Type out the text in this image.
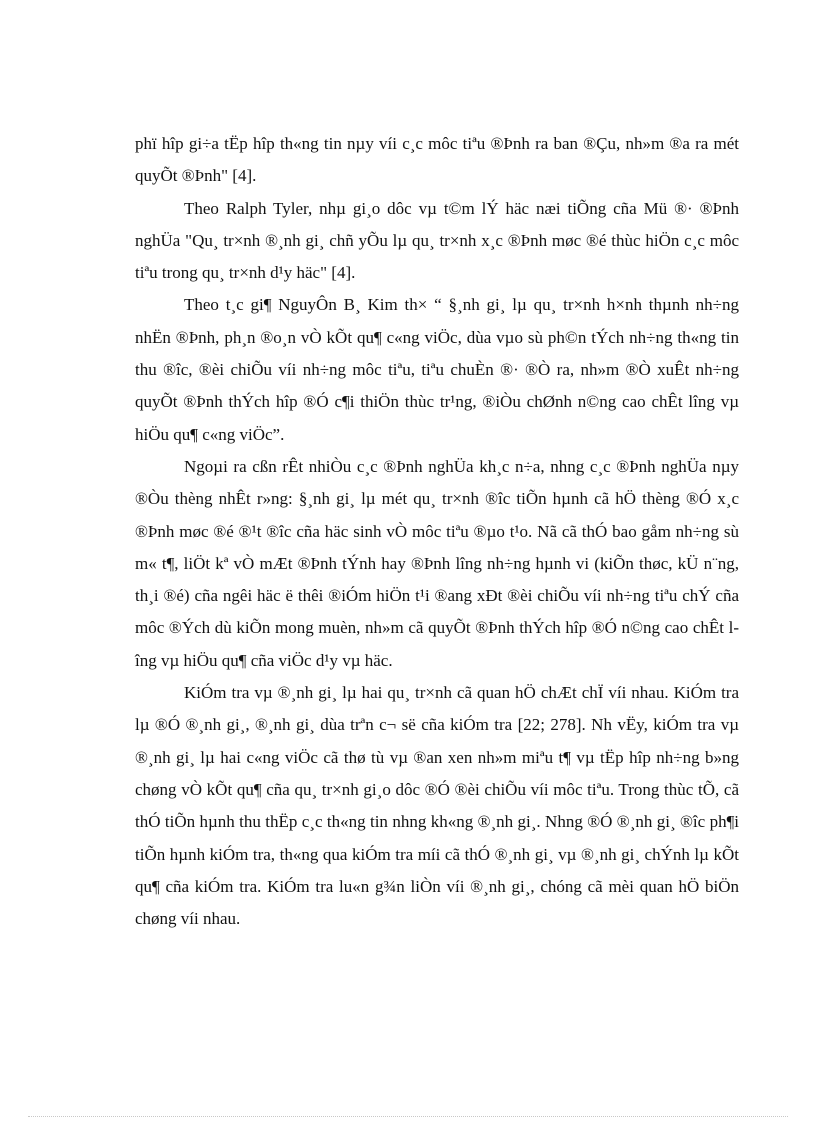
phï hîp gi÷a tËp hîp th«ng tin nµy víi c¸c môc tiªu ®Þnh ra ban ®Çu, nh»m ®a ra mét quyÕt ®Þnh" [4].

Theo Ralph Tyler, nhµ gi¸o dôc vµ t©m lÝ häc næi tiÕng cña Mü ®· ®Þnh nghÜa "Qu¸ tr×nh ®¸nh gi¸ chñ yÕu lµ qu¸ tr×nh x¸c ®Þnh møc ®é thùc hiÖn c¸c môc tiªu trong qu¸ tr×nh d¹y häc" [4].

Theo t¸c gi¶ NguyÔn B¸ Kim th× “ §¸nh gi¸ lµ qu¸ tr×nh h×nh thµnh nh÷ng nhËn ®Þnh, ph¸n ®o¸n vÒ kÕt qu¶ c«ng viÖc, dùa vµo sù ph©n tÝch nh÷ng th«ng tin thu ®îc, ®èi chiÕu víi nh÷ng môc tiªu, tiªu chuÈn ®· ®Ò ra, nh»m ®Ò xuÊt nh÷ng quyÕt ®Þnh thÝch hîp ®Ó c¶i thiÖn thùc tr¹ng, ®iÒu chØnh n©ng cao chÊt lîng vµ hiÖu qu¶ c«ng viÖc”.

Ngoµi ra cßn rÊt nhiÒu c¸c ®Þnh nghÜa kh¸c n÷a, nhng c¸c ®Þnh nghÜa nµy ®Òu thèng nhÊt r»ng: §¸nh gi¸ lµ mét qu¸ tr×nh ®îc tiÕn hµnh cã hÖ thèng ®Ó x¸c ®Þnh møc ®é ®¹t ®îc cña häc sinh vÒ môc tiªu ®µo t¹o. Nã cã thÓ bao gåm nh÷ng sù m« t¶, liÖt kª vÒ mÆt ®Þnh tÝnh hay ®Þnh lîng nh÷ng hµnh vi (kiÕn thøc, kÜ n¨ng, th¸i ®é) cña ngêi häc ë thêi ®iÓm hiÖn t¹i ®ang xÐt ®èi chiÕu víi nh÷ng tiªu chÝ cña môc ®Ých dù kiÕn mong muèn, nh»m cã quyÕt ®Þnh thÝch hîp ®Ó n©ng cao chÊt lîng vµ hiÖu qu¶ cña viÖc d¹y vµ häc.

KiÓm tra vµ ®¸nh gi¸ lµ hai qu¸ tr×nh cã quan hÖ chÆt chÏ víi nhau. KiÓm tra lµ ®Ó ®¸nh gi¸, ®¸nh gi¸ dùa trªn c¬ së cña kiÓm tra [22; 278]. Nh vËy, kiÓm tra vµ ®¸nh gi¸ lµ hai c«ng viÖc cã thø tù vµ ®an xen nh»m miªu t¶ vµ tËp hîp nh÷ng b»ng chøng vÒ kÕt qu¶ cña qu¸ tr×nh gi¸o dôc ®Ó ®èi chiÕu víi môc tiªu. Trong thùc tÕ, cã thÓ tiÕn hµnh thu thËp c¸c th«ng tin nhng kh«ng ®¸nh gi¸. Nhng ®Ó ®¸nh gi¸ ®îc ph¶i tiÕn hµnh kiÓm tra, th«ng qua kiÓm tra míi cã thÓ ®¸nh gi¸ vµ ®¸nh gi¸ chÝnh lµ kÕt qu¶ cña kiÓm tra. KiÓm tra lu«n g¾n liÒn víi ®¸nh gi¸, chóng cã mèi quan hÖ biÖn chøng víi nhau.
